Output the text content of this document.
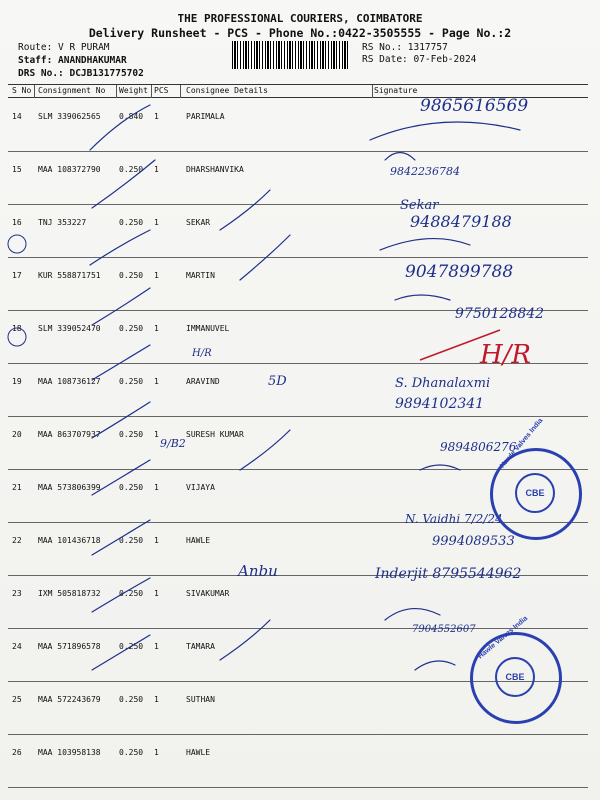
THE PROFESSIONAL COURIERS, COIMBATORE
Delivery Runsheet - PCS - Phone No.:0422-3505555 - Page No.:2
Route: V R PURAM
Staff: ANANDHAKUMAR
DRS No.: DCJB131775702
RS No.: 1317757
RS Date: 07-Feb-2024
S No Consignment No Weight PCS Consignee Details	Signature
14 SLM 339062565 0.840 1	PARIMALA
15 MAA 108372790 0.250 1	DHARSHANVIKA
16 TNJ 353227	0.250 1	SEKAR
17 KUR 558871751 0.250 1	MARTIN
18 SLM 339052470 0.250 1	IMMANUVEL
19 MAA 108736127 0.250 1	ARAVIND
20 MAA 863707937 0.250 1	SURESH KUMAR
21 MAA 573806399 0.250 1	VIJAYA
22 MAA 101436718 0.250 1	HAWLE
23 IXM 505818732 0.250 1	SIVAKUMAR
24 MAA 571896578 0.250 1	TAMARA
25 MAA 572243679 0.250 1	SUTHAN
26 MAA 103958138 0.250 1	HAWLE
9865616569
9842236784
Sekar
9488479188
9047899788
9750128842
H/R	H/R
5D	S. Dhanalaxmi
9894102341
9/B2	9894806276
N. Vaidhi 7/2/24
9994089533
Anbu	Inderjit 8795544962
7904552607
CBE
Hawle Valves India
CBE
Hawle Valves India
